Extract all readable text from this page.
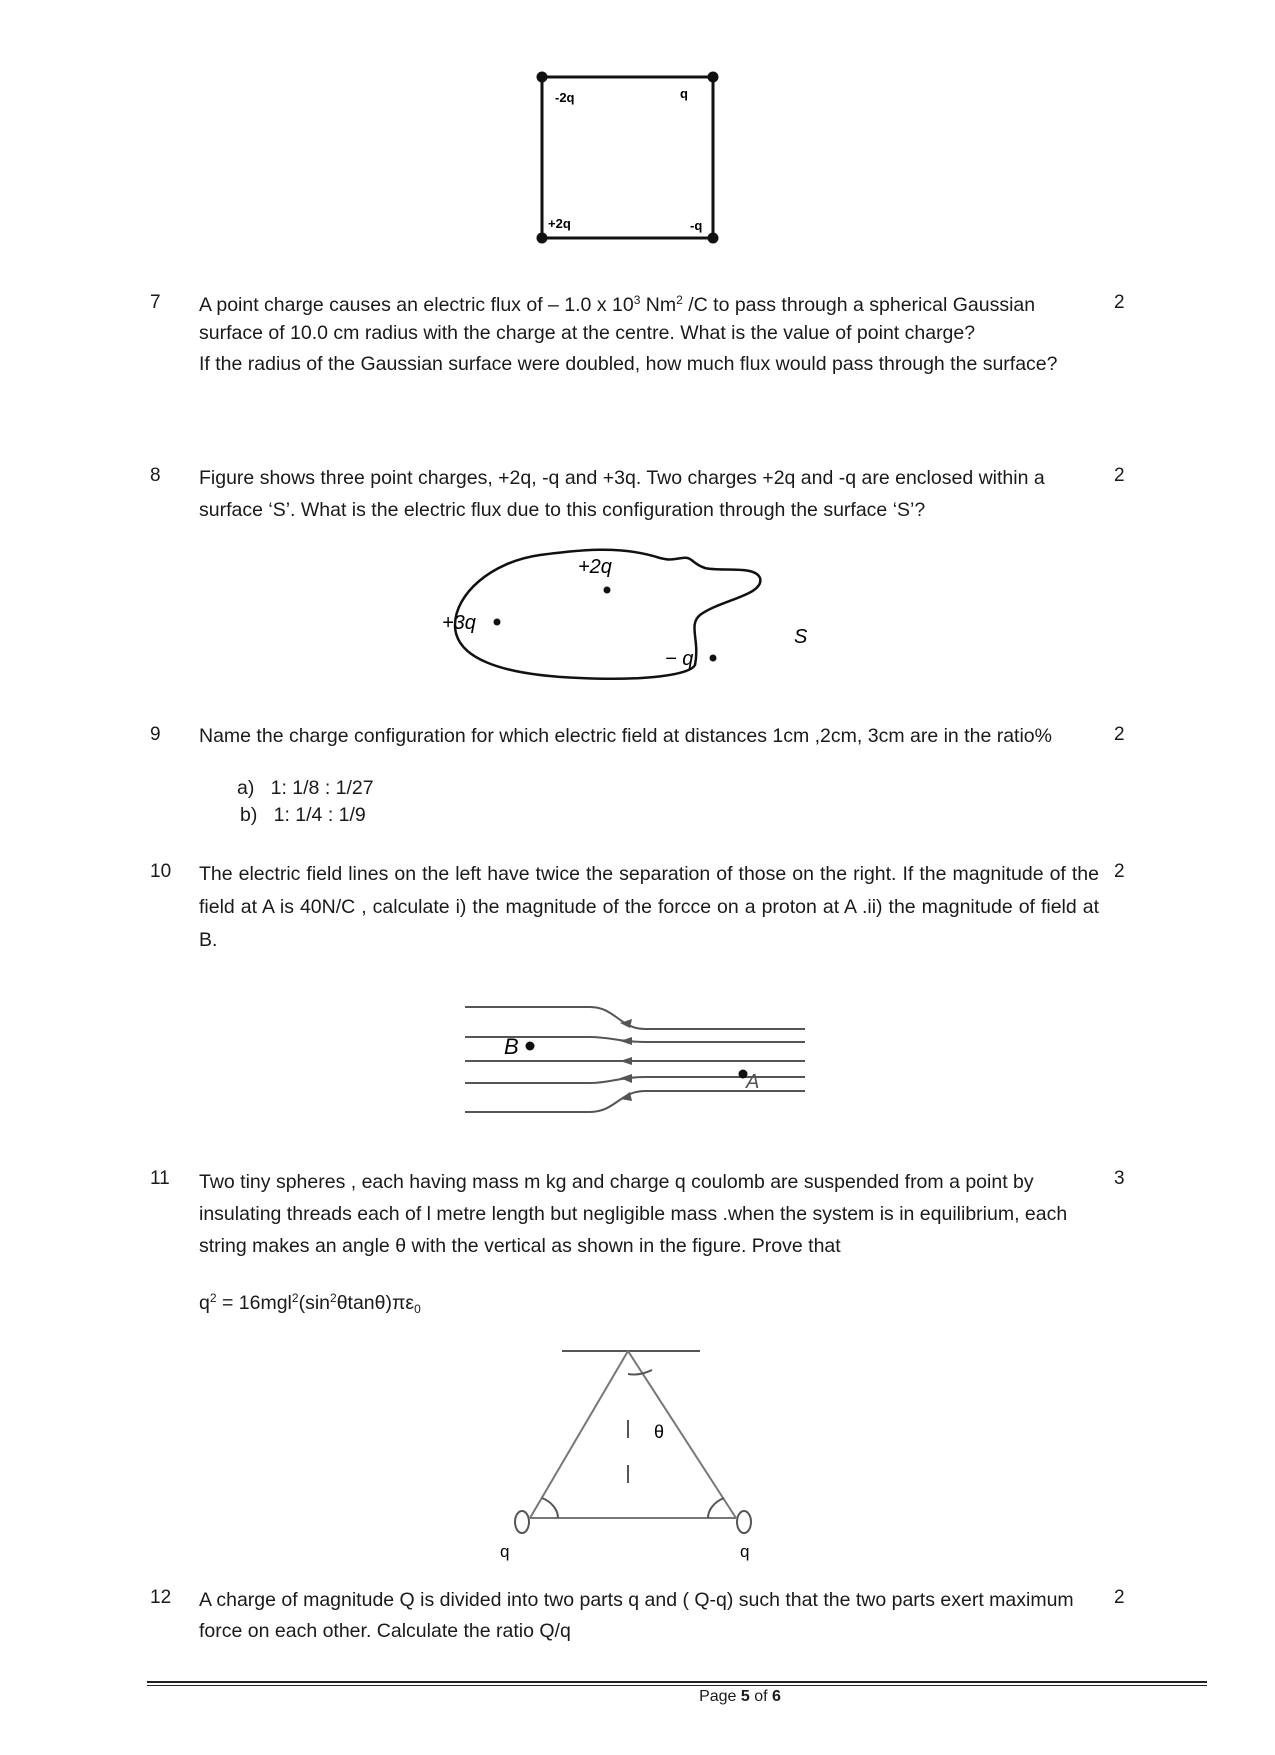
-2q	q
+2q	-q
7	2

A point charge causes an electric flux of – 1.0 x $10^3$ Nm$^2$ /C to pass through a spherical Gaussian surface of 10.0 cm radius with the charge at the centre. What is the value of point charge?

If the radius of the Gaussian surface were doubled, how much flux would pass through the surface?

8	2
Figure shows three point charges, +2q, -q and +3q. Two charges +2q and -q are enclosed within a surface ‘S’. What is the electric flux due to this configuration through the surface ‘S’?
+2q
+3q
− q
S
9	2
Name the charge configuration for which electric field at distances 1cm ,2cm, 3cm are in the ratio%
a) 1: 1/8 : 1/27
b) 1: 1/4 : 1/9
10	2
The electric field lines on the left have twice the separation of those on the right. If the magnitude of the field at A is 40N/C , calculate i) the magnitude of the forcce on a proton at A .ii) the magnitude of field at B.
B
A
11	3
Two tiny spheres , each having mass m kg and charge q coulomb are suspended from a point by insulating threads each of l metre length but negligible mass .when the system is in equilibrium, each string makes an angle θ with the vertical as shown in the figure. Prove that
$q^2 = 16mgl^2(\sin^2\theta\tan\theta)\pi\varepsilon_0$
θ
q	q
12	2
A charge of magnitude Q is divided into two parts q and ( Q-q) such that the two parts exert maximum force on each other. Calculate the ratio Q/q
Page 5 of 6
